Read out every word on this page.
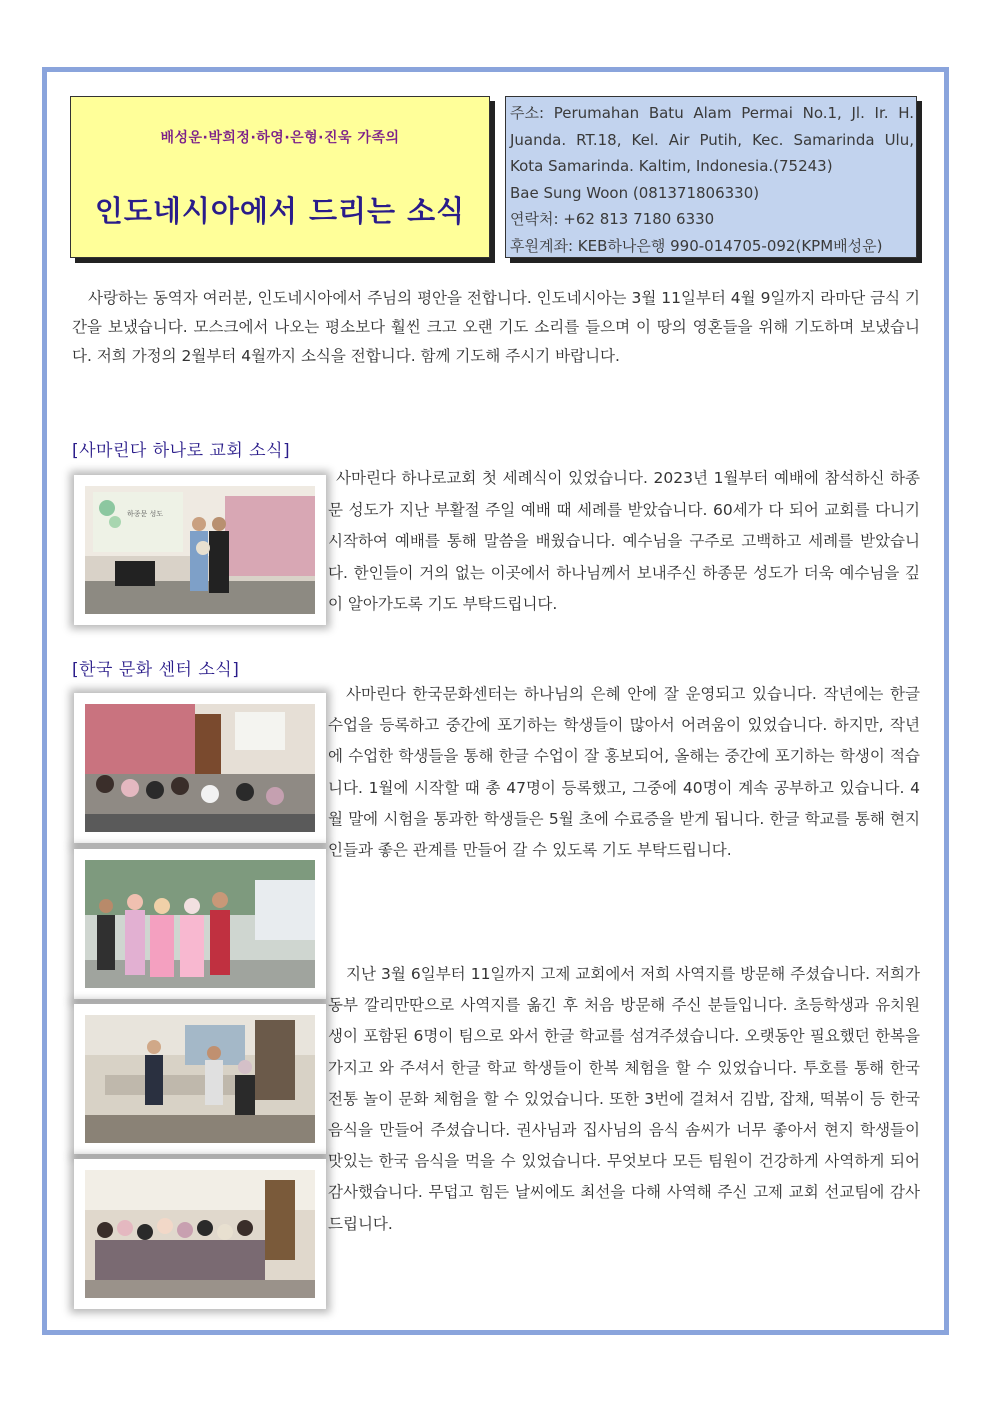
배성운·박희정·하영·은형·진욱 가족의
인도네시아에서 드리는 소식
주소: Perumahan Batu Alam Permai No.1, Jl. Ir. H.
Juanda. RT.18, Kel. Air Putih, Kec. Samarinda Ulu,
Kota Samarinda. Kaltim, Indonesia.(75243)
Bae Sung Woon (081371806330)
연락처: +62 813 7180 6330
후원계좌: KEB하나은행 990-014705-092(KPM배성운)
사랑하는 동역자 여러분, 인도네시아에서 주님의 평안을 전합니다. 인도네시아는 3월 11일부터 4월 9일까지 라마단 금식 기간을 보냈습니다. 모스크에서 나오는 평소보다 훨씬 크고 오랜 기도 소리를 들으며 이 땅의 영혼들을 위해 기도하며 보냈습니다. 저희 가정의 2월부터 4월까지 소식을 전합니다. 함께 기도해 주시기 바랍니다.
[사마린다 하나로 교회 소식]
하종문 성도
사마린다 하나로교회 첫 세례식이 있었습니다. 2023년 1월부터 예배에 참석하신 하종문 성도가 지난 부활절 주일 예배 때 세례를 받았습니다. 60세가 다 되어 교회를 다니기 시작하여 예배를 통해 말씀을 배웠습니다. 예수님을 구주로 고백하고 세례를 받았습니다. 한인들이 거의 없는 이곳에서 하나님께서 보내주신 하종문 성도가 더욱 예수님을 깊이 알아가도록 기도 부탁드립니다.
[한국 문화 센터 소식]
사마린다 한국문화센터는 하나님의 은혜 안에 잘 운영되고 있습니다. 작년에는 한글 수업을 등록하고 중간에 포기하는 학생들이 많아서 어려움이 있었습니다. 하지만, 작년에 수업한 학생들을 통해 한글 수업이 잘 홍보되어, 올해는 중간에 포기하는 학생이 적습니다. 1월에 시작할 때 총 47명이 등록했고, 그중에 40명이 계속 공부하고 있습니다. 4월 말에 시험을 통과한 학생들은 5월 초에 수료증을 받게 됩니다. 한글 학교를 통해 현지인들과 좋은 관계를 만들어 갈 수 있도록 기도 부탁드립니다.
지난 3월 6일부터 11일까지 고제 교회에서 저희 사역지를 방문해 주셨습니다. 저희가 동부 깔리만딴으로 사역지를 옮긴 후 처음 방문해 주신 분들입니다. 초등학생과 유치원생이 포함된 6명이 팀으로 와서 한글 학교를 섬겨주셨습니다. 오랫동안 필요했던 한복을 가지고 와 주셔서 한글 학교 학생들이 한복 체험을 할 수 있었습니다. 투호를 통해 한국 전통 놀이 문화 체험을 할 수 있었습니다. 또한 3번에 걸쳐서 김밥, 잡채, 떡볶이 등 한국 음식을 만들어 주셨습니다. 권사님과 집사님의 음식 솜씨가 너무 좋아서 현지 학생들이 맛있는 한국 음식을 먹을 수 있었습니다. 무엇보다 모든 팀원이 건강하게 사역하게 되어 감사했습니다. 무덥고 힘든 날씨에도 최선을 다해 사역해 주신 고제 교회 선교팀에 감사드립니다.
